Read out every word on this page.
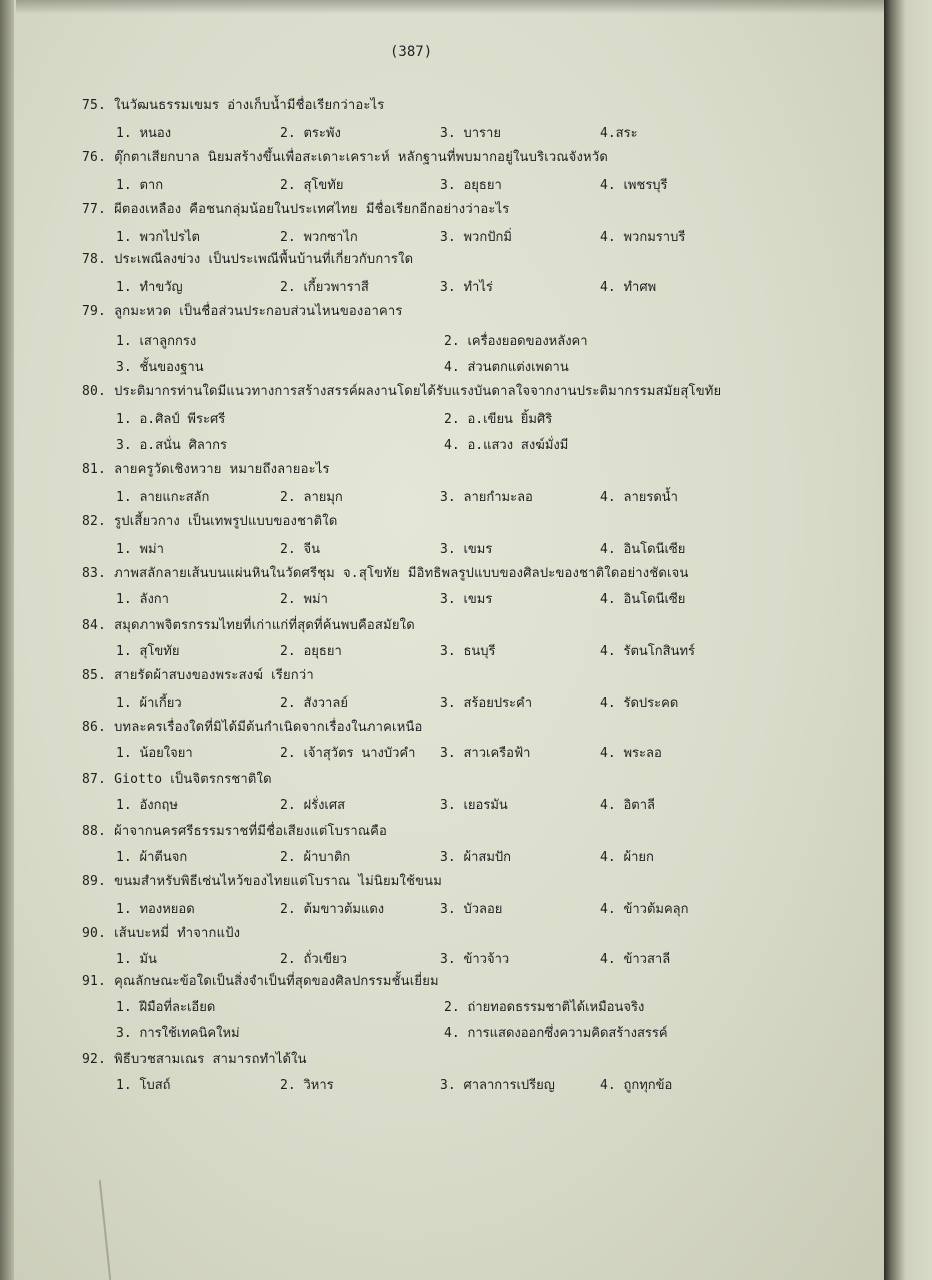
(387)
75. ในวัฒนธรรมเขมร อ่างเก็บน้ำมีชื่อเรียกว่าอะไร
1. หนอง	2. ตระพัง	3. บาราย	4.สระ
76. ตุ๊กตาเสียกบาล นิยมสร้างขึ้นเพื่อสะเดาะเคราะห์ หลักฐานที่พบมากอยู่ในบริเวณจังหวัด
1. ตาก	2. สุโขทัย	3. อยุธยา	4. เพชรบุรี
77. ผีตองเหลือง คือชนกลุ่มน้อยในประเทศไทย มีชื่อเรียกอีกอย่างว่าอะไร
1. พวกไปรไต	2. พวกซาไก	3. พวกปักมิ่	4. พวกมราบรี
78. ประเพณีลงข่วง เป็นประเพณีพื้นบ้านที่เกี่ยวกับการใด
1. ทำขวัญ	2. เกี้ยวพาราสี	3. ทำไร่	4. ทำศพ
79. ลูกมะหวด เป็นชื่อส่วนประกอบส่วนไหนของอาคาร
1. เสาลูกกรง	2. เครื่องยอดของหลังคา
3. ชั้นของฐาน	4. ส่วนตกแต่งเพดาน
80. ประติมากรท่านใดมีแนวทางการสร้างสรรค์ผลงานโดยได้รับแรงบันดาลใจจากงานประติมากรรมสมัยสุโขทัย
1. อ.ศิลป์ พีระศรี	2. อ.เขียน ยิ้มศิริ
3. อ.สนั่น ศิลากร	4. อ.แสวง สงฆ์มั่งมี
81. ลายครูวัดเชิงหวาย หมายถึงลายอะไร
1. ลายแกะสลัก	2. ลายมุก	3. ลายกำมะลอ	4. ลายรดน้ำ
82. รูปเสี้ยวกาง เป็นเทพรูปแบบของชาติใด
1. พม่า	2. จีน	3. เขมร	4. อินโดนีเซีย
83. ภาพสลักลายเส้นบนแผ่นหินในวัดศรีชุม จ.สุโขทัย มีอิทธิพลรูปแบบของศิลปะของชาติใดอย่างชัดเจน
1. ลังกา	2. พม่า	3. เขมร	4. อินโดนีเซีย
84. สมุดภาพจิตรกรรมไทยที่เก่าแก่ที่สุดที่ค้นพบคือสมัยใด
1. สุโขทัย	2. อยุธยา	3. ธนบุรี	4. รัตนโกสินทร์
85. สายรัดผ้าสบงของพระสงฆ์ เรียกว่า
1. ผ้าเกี้ยว	2. สังวาลย์	3. สร้อยประคำ	4. รัดประคด
86. บทละครเรื่องใดที่มิได้มีต้นกำเนิดจากเรื่องในภาคเหนือ
1. น้อยใจยา	2. เจ้าสุวัตร นางบัวคำ 3. สาวเครือฟ้า	4. พระลอ
87. Giotto เป็นจิตรกรชาติใด
1. อังกฤษ	2. ฝรั่งเศส	3. เยอรมัน	4. อิตาลี
88. ผ้าจากนครศรีธรรมราชที่มีชื่อเสียงแต่โบราณคือ
1. ผ้าตีนจก	2. ผ้าบาติก	3. ผ้าสมปัก	4. ผ้ายก
89. ขนมสำหรับพิธีเซ่นไหว้ของไทยแต่โบราณ ไม่นิยมใช้ขนม
1. ทองหยอด	2. ต้มขาวต้มแดง	3. บัวลอย	4. ข้าวต้มคลุก
90. เส้นบะหมี่ ทำจากแป้ง
1. มัน	2. ถั่วเขียว	3. ข้าวจ้าว	4. ข้าวสาลี
91. คุณลักษณะข้อใดเป็นสิ่งจำเป็นที่สุดของศิลปกรรมชั้นเยี่ยม
1. ฝีมือที่ละเอียด	2. ถ่ายทอดธรรมชาติได้เหมือนจริง
3. การใช้เทคนิคใหม่	4. การแสดงออกซึ่งความคิดสร้างสรรค์
92. พิธีบวชสามเณร สามารถทำได้ใน
1. โบสถ์	2. วิหาร	3. ศาลาการเปรียญ	4. ถูกทุกข้อ
